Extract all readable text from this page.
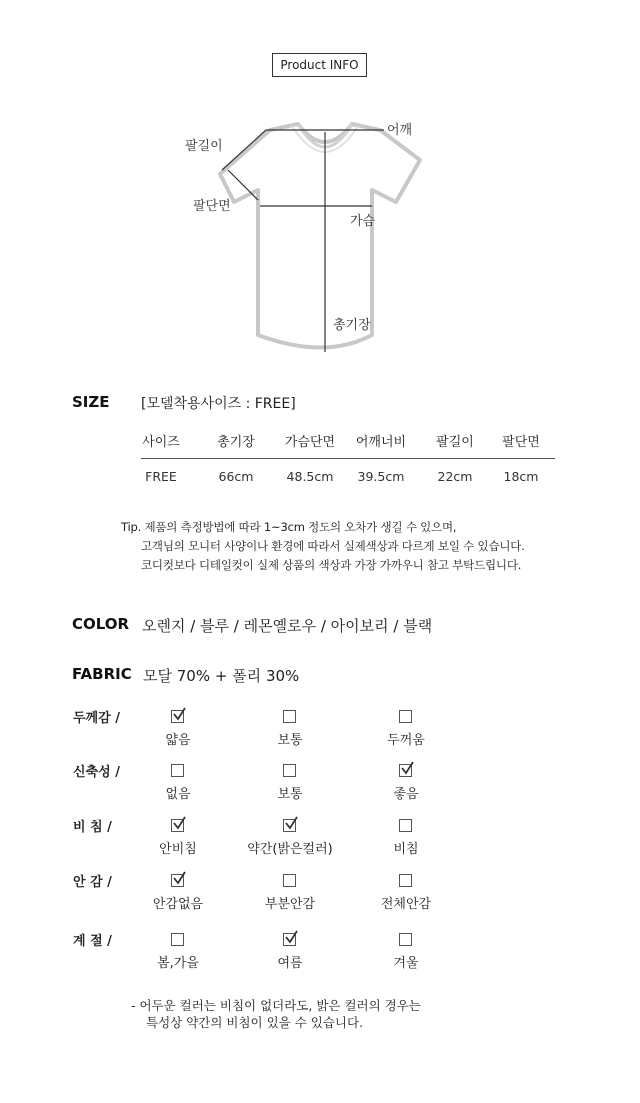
Product INFO
팔길이
어깨
팔단면
가슴
총기장
SIZE [모델착용사이즈 : FREE]
사이즈	총기장	가슴단면	어깨너비	팔길이	팔단면
FREE	66cm	48.5cm	39.5cm	22cm	18cm
Tip. 제품의 측정방법에 따라 1~3cm 정도의 오차가 생길 수 있으며,
고객님의 모니터 사양이나 환경에 따라서 실제색상과 다르게 보일 수 있습니다.
코디컷보다 디테일컷이 실제 상품의 색상과 가장 가까우니 참고 부탁드립니다.
COLOR 오렌지 / 블루 / 레몬옐로우 / 아이보리 / 블랙
FABRIC 모달 70% + 폴리 30%
두께감 /
얇음	보통	두꺼움
신축성 /
없음	보통	좋음
비 침 /
안비침	약간(밝은컬러)	비침
안 감 /
안감없음	부분안감	전체안감
계 절 /
봄,가을	여름	겨울
- 어두운 컬러는 비침이 없더라도, 밝은 컬러의 경우는
특성상 약간의 비침이 있을 수 있습니다.
